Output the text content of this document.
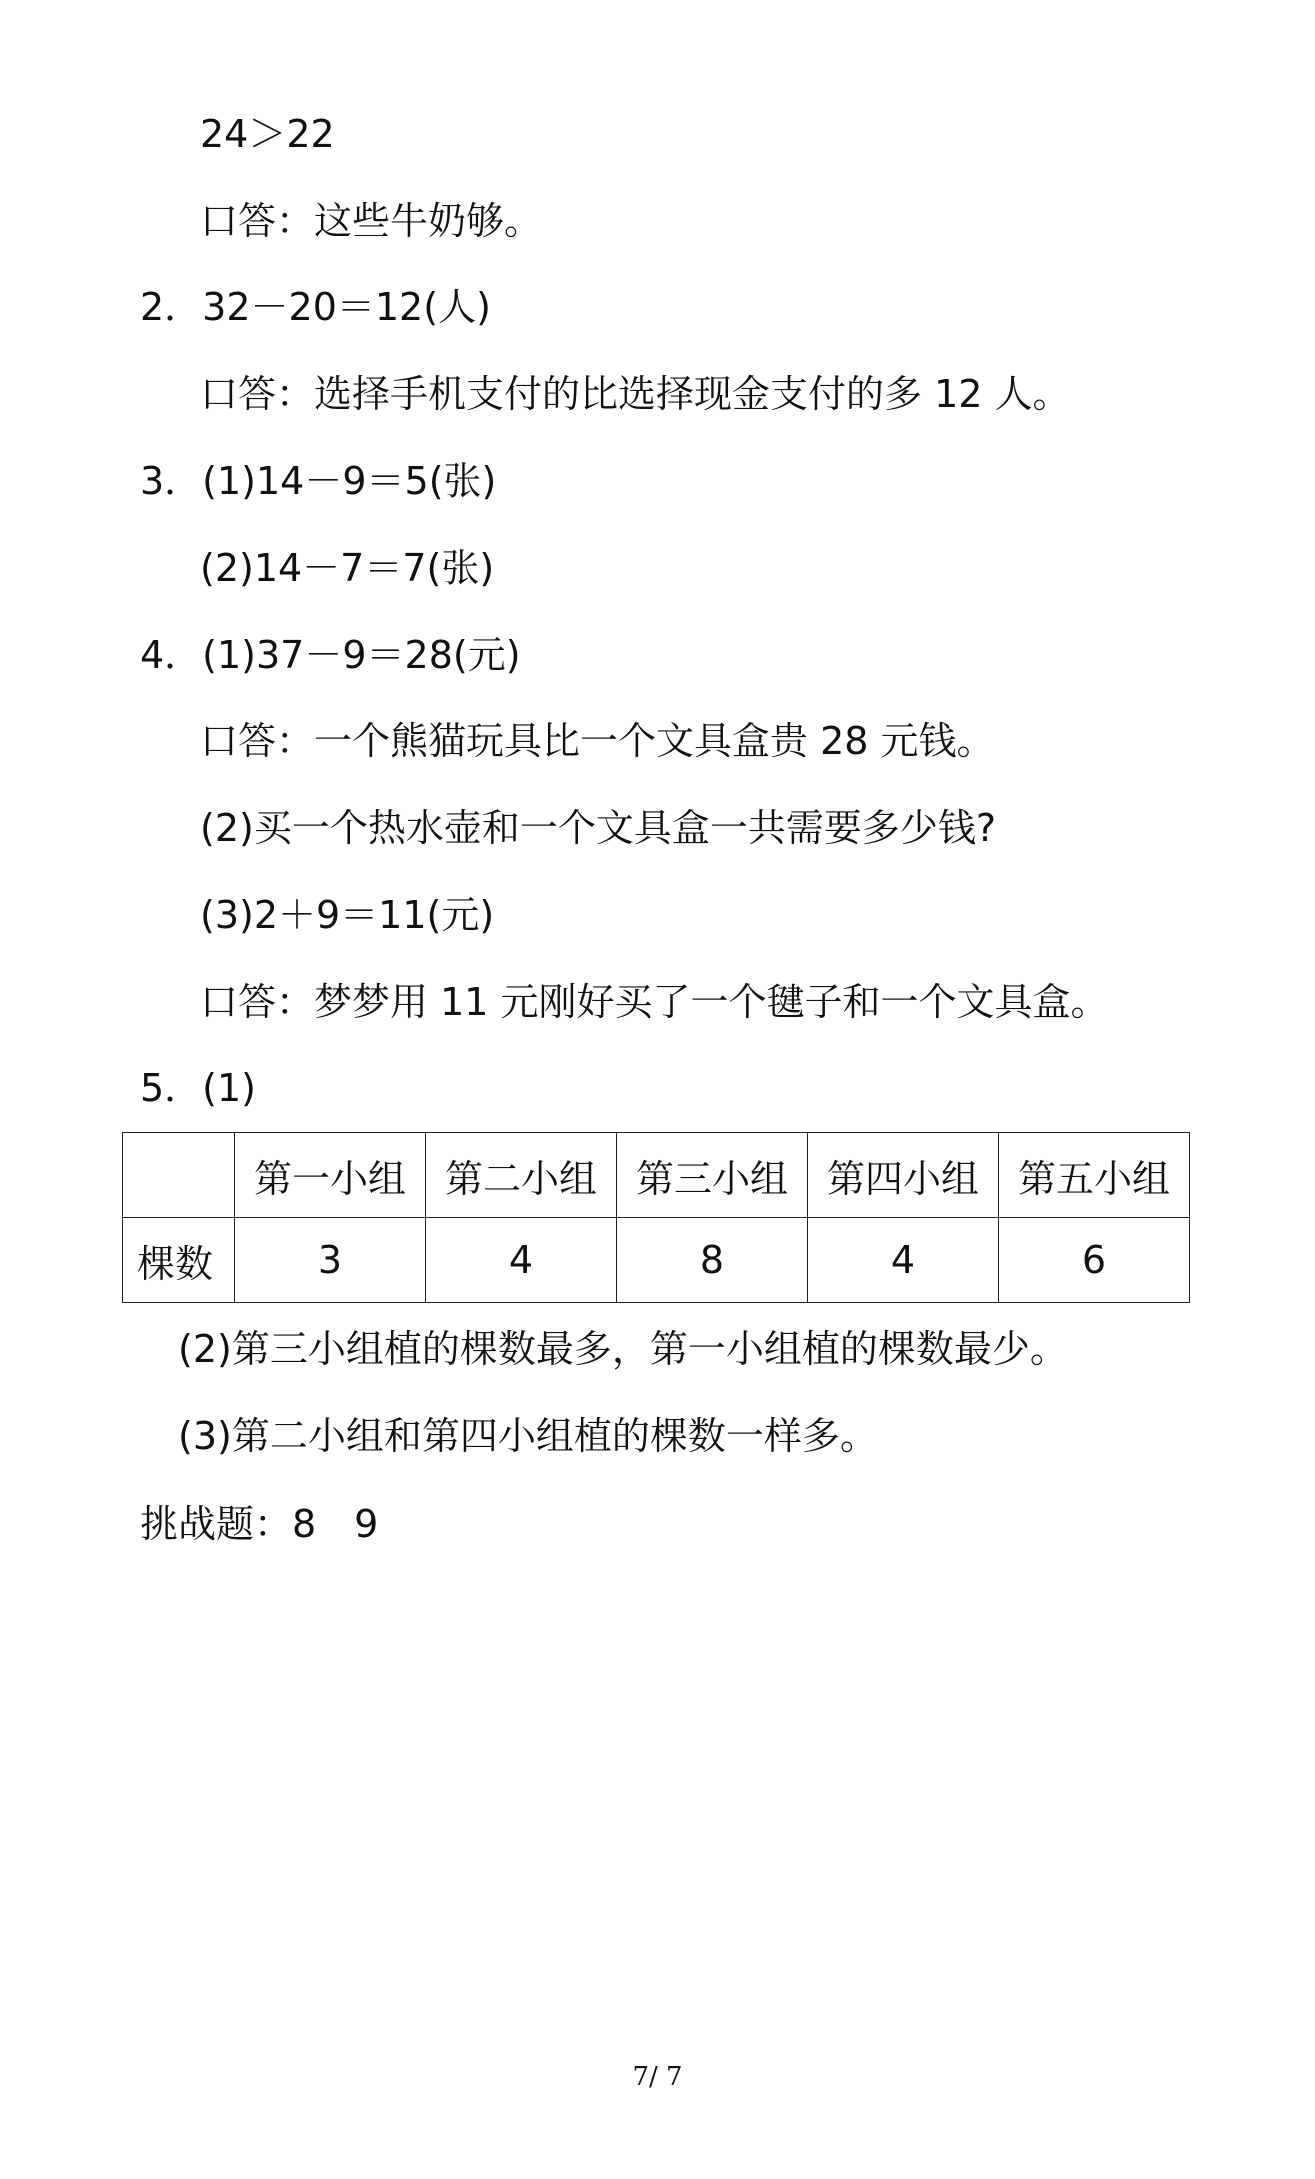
24＞22
口答：这些牛奶够。
2．32－20＝12(人)
口答：选择手机支付的比选择现金支付的多 12 人。
3．(1)14－9＝5(张)
(2)14－7＝7(张)
4．(1)37－9＝28(元)
口答：一个熊猫玩具比一个文具盒贵 28 元钱。
(2)买一个热水壶和一个文具盒一共需要多少钱?
(3)2＋9＝11(元)
口答：梦梦用 11 元刚好买了一个毽子和一个文具盒。
5．(1)
	第一小组	第二小组	第三小组	第四小组	第五小组
棵数	3	4	8	4	6
(2)第三小组植的棵数最多，第一小组植的棵数最少。
(3)第二小组和第四小组植的棵数一样多。
挑战题：8　9
7/ 7
